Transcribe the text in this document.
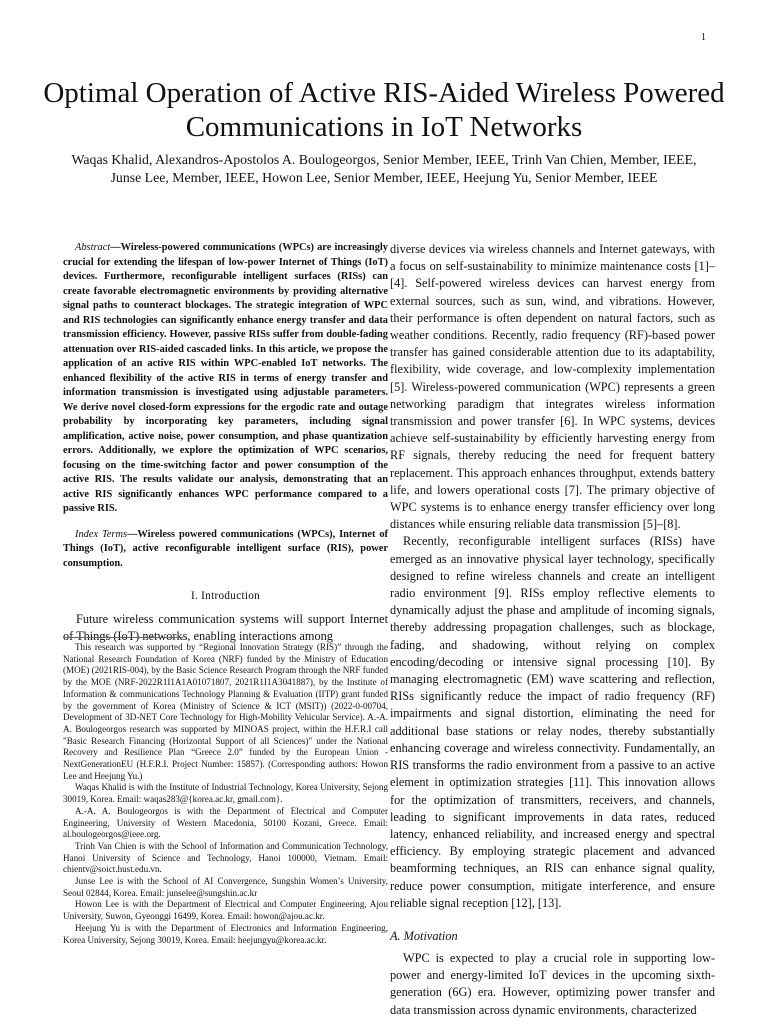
1
Optimal Operation of Active RIS-Aided Wireless Powered Communications in IoT Networks
Waqas Khalid, Alexandros-Apostolos A. Boulogeorgos, Senior Member, IEEE, Trinh Van Chien, Member, IEEE,
Junse Lee, Member, IEEE, Howon Lee, Senior Member, IEEE, Heejung Yu, Senior Member, IEEE

Abstract—Wireless-powered communications (WPCs) are increasingly crucial for extending the lifespan of low-power Internet of Things (IoT) devices. Furthermore, reconfigurable intelligent surfaces (RISs) can create favorable electromagnetic environments by providing alternative signal paths to counteract blockages. The strategic integration of WPC and RIS technologies can significantly enhance energy transfer and data transmission efficiency. However, passive RISs suffer from double-fading attenuation over RIS-aided cascaded links. In this article, we propose the application of an active RIS within WPC-enabled IoT networks. The enhanced flexibility of the active RIS in terms of energy transfer and information transmission is investigated using adjustable parameters. We derive novel closed-form expressions for the ergodic rate and outage probability by incorporating key parameters, including signal amplification, active noise, power consumption, and phase quantization errors. Additionally, we explore the optimization of WPC scenarios, focusing on the time-switching factor and power consumption of the active RIS. The results validate our analysis, demonstrating that an active RIS significantly enhances WPC performance compared to a passive RIS.

Index Terms—Wireless powered communications (WPCs), Internet of Things (IoT), active reconfigurable intelligent surface (RIS), power consumption.

I. Introduction

Future wireless communication systems will support Internet of Things (IoT) networks, enabling interactions among

This research was supported by “Regional Innovation Strategy (RIS)” through the National Research Foundation of Korea (NRF) funded by the Ministry of Education (MOE) (2021RIS-004), by the Basic Science Research Program through the NRF funded by the MOE (NRF-2022R1I1A1A01071807, 2021R1I1A3041887), by the Institute of Information & communications Technology Planning & Evaluation (IITP) grant funded by the government of Korea (Ministry of Science & ICT (MSIT)) (2022-0-00704, Development of 3D-NET Core Technology for High-Mobility Vehicular Service). A.-A. A. Boulogeorgos research was supported by MINOAS project, within the H.F.R.I call "Basic Research Financing (Horizontal Support of all Sciences)" under the National Recovery and Resilience Plan “Greece 2.0” funded by the European Union - NextGenerationEU (H.F.R.I. Project Number: 15857). (Corresponding authors: Howon Lee and Heejung Yu.)

Waqas Khalid is with the Institute of Industrial Technology, Korea University, Sejong 30019, Korea. Email: waqas283@{korea.ac.kr, gmail.com}.

A.-A. A. Boulogeorgos is with the Department of Electrical and Computer Engineering, University of Western Macedonia, 50100 Kozani, Greece. Email: al.boulogeorgos@ieee.org.

Trinh Van Chien is with the School of Information and Communication Technology, Hanoi University of Science and Technology, Hanoi 100000, Vietnam. Email: chientv@soict.hust.edu.vn.

Junse Lee is with the School of AI Convergence, Sungshin Women’s University, Seoul 02844, Korea. Email: junselee@sungshin.ac.kr

Howon Lee is with the Department of Electrical and Computer Engineering, Ajou University, Suwon, Gyeonggi 16499, Korea. Email: howon@ajou.ac.kr.

Heejung Yu is with the Department of Electronics and Information Engineering, Korea University, Sejong 30019, Korea. Email: heejungyu@korea.ac.kr.

diverse devices via wireless channels and Internet gateways, with a focus on self-sustainability to minimize maintenance costs [1]–[4]. Self-powered wireless devices can harvest energy from external sources, such as sun, wind, and vibrations. However, their performance is often dependent on natural factors, such as weather conditions. Recently, radio frequency (RF)-based power transfer has gained considerable attention due to its adaptability, flexibility, wide coverage, and low-complexity implementation [5]. Wireless-powered communication (WPC) represents a green networking paradigm that integrates wireless information transmission and power transfer [6]. In WPC systems, devices achieve self-sustainability by efficiently harvesting energy from RF signals, thereby reducing the need for frequent battery replacement. This approach enhances throughput, extends battery life, and lowers operational costs [7]. The primary objective of WPC systems is to enhance energy transfer efficiency over long distances while ensuring reliable data transmission [5]–[8].

Recently, reconfigurable intelligent surfaces (RISs) have emerged as an innovative physical layer technology, specifically designed to refine wireless channels and create an intelligent radio environment [9]. RISs employ reflective elements to dynamically adjust the phase and amplitude of incoming signals, thereby addressing propagation challenges, such as blockage, fading, and shadowing, without relying on complex encoding/decoding or intensive signal processing [10]. By managing electromagnetic (EM) wave scattering and reflection, RISs significantly reduce the impact of radio frequency (RF) impairments and signal distortion, eliminating the need for additional base stations or relay nodes, thereby substantially enhancing coverage and wireless connectivity. Fundamentally, an RIS transforms the radio environment from a passive to an active element in optimization strategies [11]. This innovation allows for the optimization of transmitters, receivers, and channels, leading to significant improvements in data rates, reduced latency, enhanced reliability, and increased energy and spectral efficiency. By employing strategic placement and advanced beamforming techniques, an RIS can enhance signal quality, reduce power consumption, mitigate interference, and ensure reliable signal reception [12], [13].

A. Motivation

WPC is expected to play a crucial role in supporting low-power and energy-limited IoT devices in the upcoming sixth-generation (6G) era. However, optimizing power transfer and data transmission across dynamic environments, characterized
